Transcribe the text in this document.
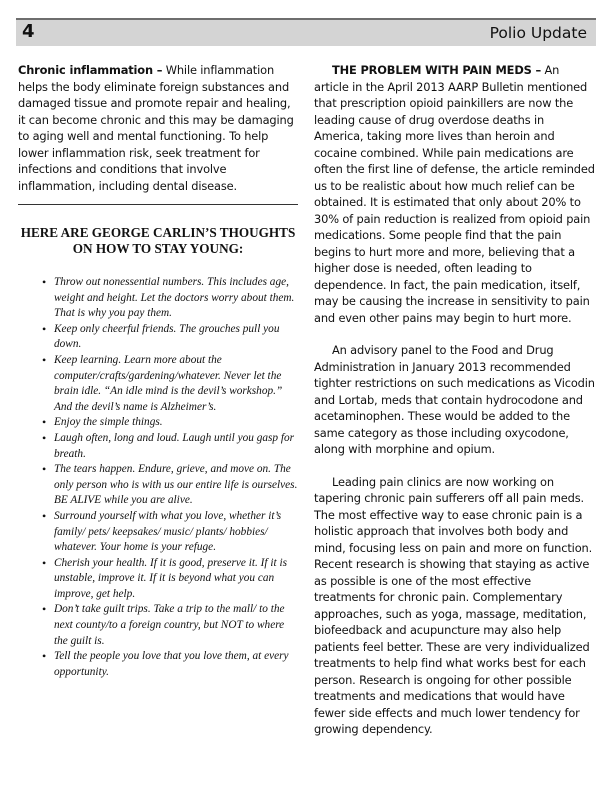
4	Polio Update

Chronic inflammation – While inflammation helps the body eliminate foreign substances and damaged tissue and promote repair and healing, it can become chronic and this may be damaging to aging well and mental functioning. To help lower inflammation risk, seek treatment for infections and conditions that involve inflammation, including dental disease.

HERE ARE GEORGE CARLIN’S THOUGHTS ON HOW TO STAY YOUNG:
• Throw out nonessential numbers. This includes age, weight and height. Let the doctors worry about them. That is why you pay them.
• Keep only cheerful friends. The grouches pull you down.
• Keep learning. Learn more about the computer/crafts/gardening/whatever. Never let the brain idle. “An idle mind is the devil’s workshop.” And the devil’s name is Alzheimer’s.
• Enjoy the simple things.
• Laugh often, long and loud. Laugh until you gasp for breath.
• The tears happen. Endure, grieve, and move on. The only person who is with us our entire life is ourselves. BE ALIVE while you are alive.
• Surround yourself with what you love, whether it’s family/ pets/ keepsakes/ music/ plants/ hobbies/ whatever. Your home is your refuge.
• Cherish your health. If it is good, preserve it. If it is unstable, improve it. If it is beyond what you can improve, get help.
• Don’t take guilt trips. Take a trip to the mall/ to the next county/to a foreign country, but NOT to where the guilt is.
• Tell the people you love that you love them, at every opportunity.

THE PROBLEM WITH PAIN MEDS – An article in the April 2013 AARP Bulletin mentioned that prescription opioid painkillers are now the leading cause of drug overdose deaths in America, taking more lives than heroin and cocaine combined. While pain medications are often the first line of defense, the article reminded us to be realistic about how much relief can be obtained. It is estimated that only about 20% to 30% of pain reduction is realized from opioid pain medications. Some people find that the pain begins to hurt more and more, believing that a higher dose is needed, often leading to dependence. In fact, the pain medication, itself, may be causing the increase in sensitivity to pain and even other pains may begin to hurt more.

An advisory panel to the Food and Drug Administration in January 2013 recommended tighter restrictions on such medications as Vicodin and Lortab, meds that contain hydrocodone and acetaminophen. These would be added to the same category as those including oxycodone, along with morphine and opium.

Leading pain clinics are now working on tapering chronic pain sufferers off all pain meds. The most effective way to ease chronic pain is a holistic approach that involves both body and mind, focusing less on pain and more on function. Recent research is showing that staying as active as possible is one of the most effective treatments for chronic pain. Complementary approaches, such as yoga, massage, meditation, biofeedback and acupuncture may also help patients feel better. These are very individualized treatments to help find what works best for each person. Research is ongoing for other possible treatments and medications that would have fewer side effects and much lower tendency for growing dependency.
